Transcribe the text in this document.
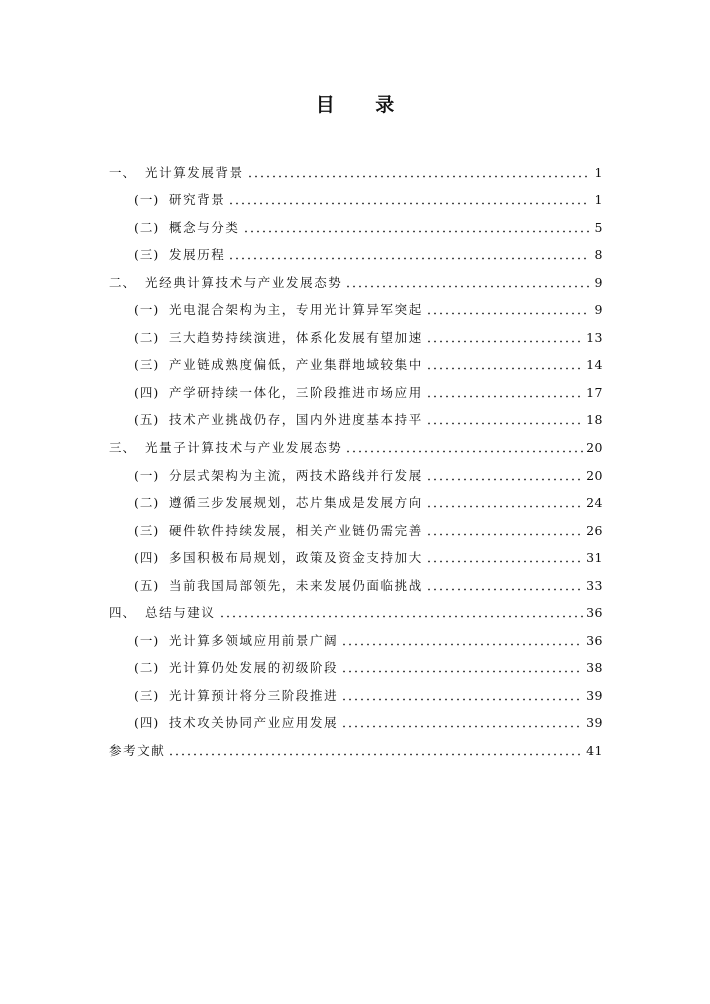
目 录
一、 光计算发展背景	1
(一) 研究背景	1
(二) 概念与分类	5
(三) 发展历程	8
二、 光经典计算技术与产业发展态势	9
(一) 光电混合架构为主，专用光计算异军突起	9
(二) 三大趋势持续演进，体系化发展有望加速	13
(三) 产业链成熟度偏低，产业集群地域较集中	14
(四) 产学研持续一体化，三阶段推进市场应用	17
(五) 技术产业挑战仍存，国内外进度基本持平	18
三、 光量子计算技术与产业发展态势	20
(一) 分层式架构为主流，两技术路线并行发展	20
(二) 遵循三步发展规划，芯片集成是发展方向	24
(三) 硬件软件持续发展，相关产业链仍需完善	26
(四) 多国积极布局规划，政策及资金支持加大	31
(五) 当前我国局部领先，未来发展仍面临挑战	33
四、 总结与建议	36
(一) 光计算多领域应用前景广阔	36
(二) 光计算仍处发展的初级阶段	38
(三) 光计算预计将分三阶段推进	39
(四) 技术攻关协同产业应用发展	39
参考文献	41
